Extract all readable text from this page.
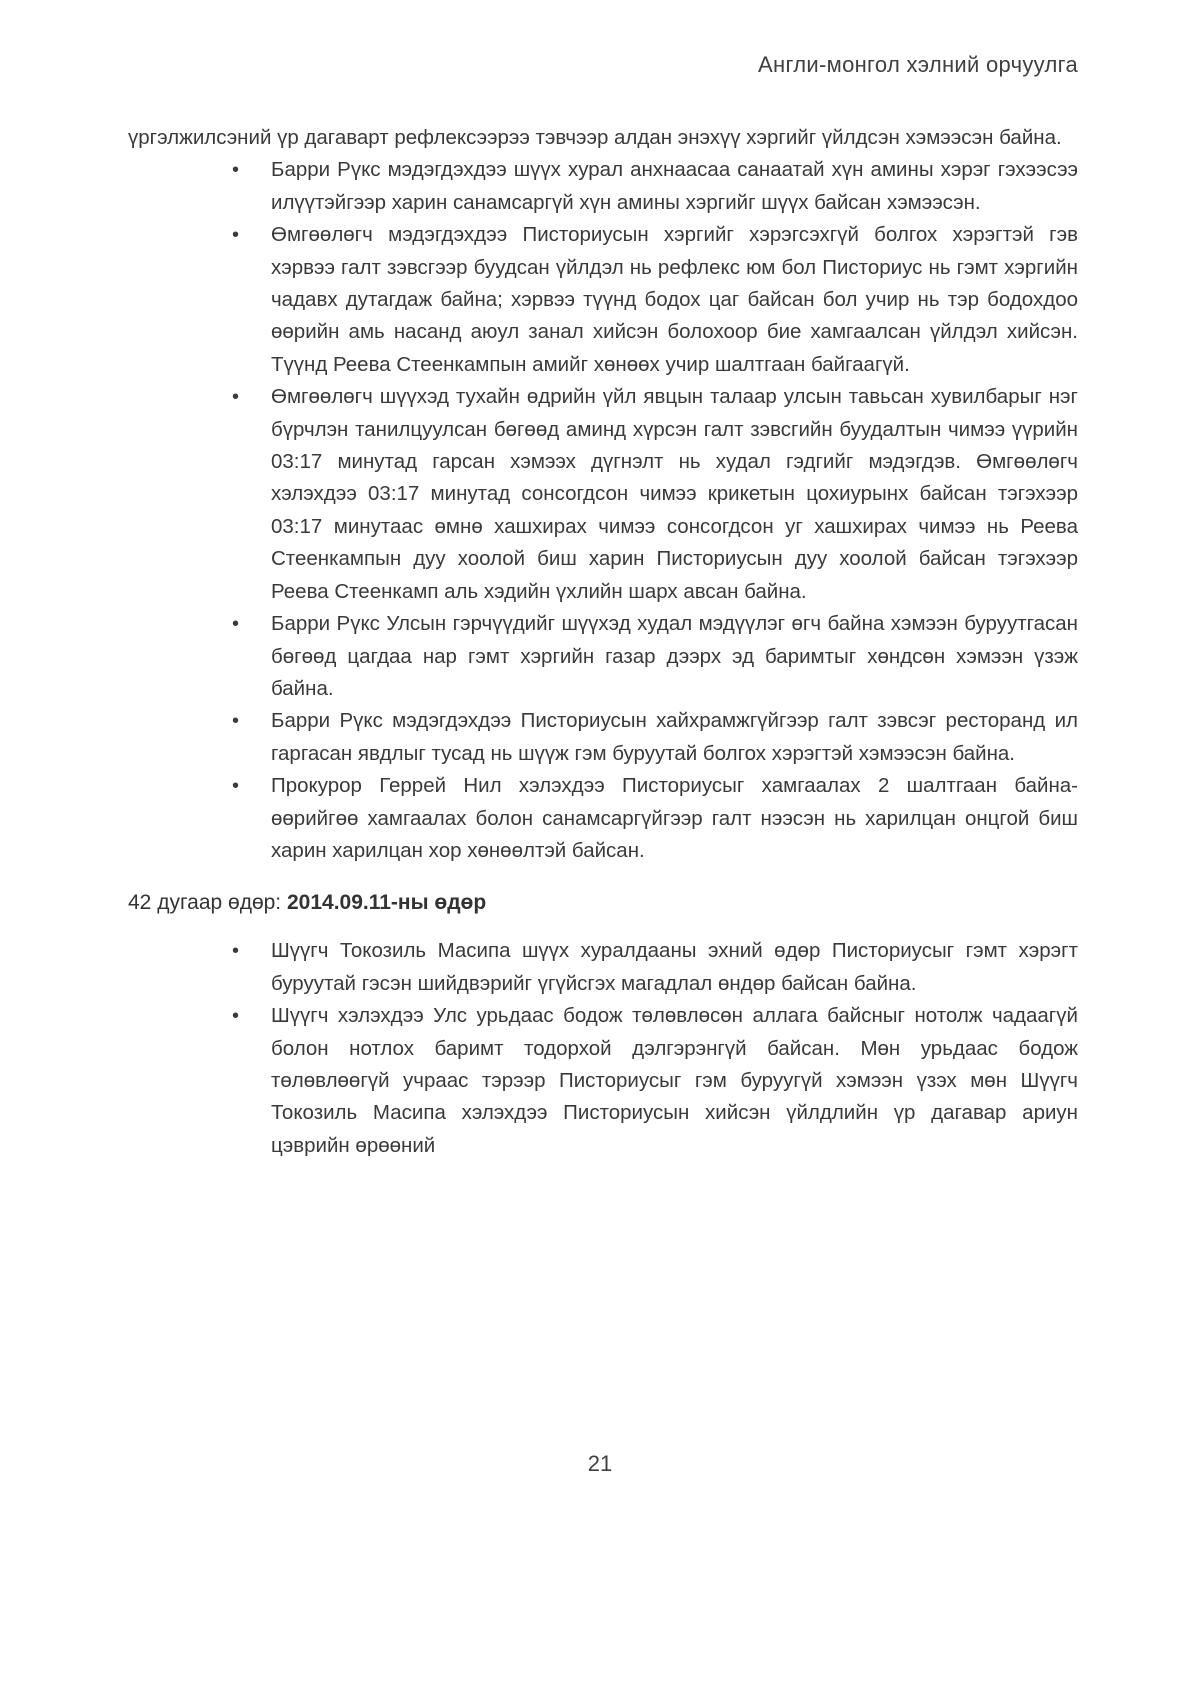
Англи-монгол хэлний орчуулга

үргэлжилсэний үр дагаварт рефлексээрээ тэвчээр алдан энэхүү хэргийг үйлдсэн хэмээсэн байна.

• Барри Рүкс мэдэгдэхдээ шүүх хурал анхнаасаа санаатай хүн амины хэрэг гэхээсээ илүүтэйгээр харин санамсаргүй хүн амины хэргийг шүүх байсан хэмээсэн.
• Өмгөөлөгч мэдэгдэхдээ Писториусын хэргийг хэрэгсэхгүй болгох хэрэгтэй гэв хэрвээ галт зэвсгээр буудсан үйлдэл нь рефлекс юм бол Писториус нь гэмт хэргийн чадавх дутагдаж байна; хэрвээ түүнд бодох цаг байсан бол учир нь тэр бодохдоо өөрийн амь насанд аюул занал хийсэн болохоор бие хамгаалсан үйлдэл хийсэн. Түүнд Реева Стеенкампын амийг хөнөөх учир шалтгаан байгаагүй.
• Өмгөөлөгч шүүхэд тухайн өдрийн үйл явцын талаар улсын тавьсан хувилбарыг нэг бүрчлэн танилцуулсан бөгөөд аминд хүрсэн галт зэвсгийн буудалтын чимээ үүрийн 03:17 минутад гарсан хэмээх дүгнэлт нь худал гэдгийг мэдэгдэв. Өмгөөлөгч хэлэхдээ 03:17 минутад сонсогдсон чимээ крикетын цохиурынх байсан тэгэхээр 03:17 минутаас өмнө хашхирах чимээ сонсогдсон уг хашхирах чимээ нь Реева Стеенкампын дуу хоолой биш харин Писториусын дуу хоолой байсан тэгэхээр Реева Стеенкамп аль хэдийн үхлийн шарх авсан байна.
• Барри Рүкс Улсын гэрчүүдийг шүүхэд худал мэдүүлэг өгч байна хэмээн буруутгасан бөгөөд цагдаа нар гэмт хэргийн газар дээрх эд баримтыг хөндсөн хэмээн үзэж байна.
• Барри Рүкс мэдэгдэхдээ Писториусын хайхрамжгүйгээр галт зэвсэг ресторанд ил гаргасан явдлыг тусад нь шүүж гэм буруутай болгох хэрэгтэй хэмээсэн байна.
• Прокурор Геррей Нил хэлэхдээ Писториусыг хамгаалах 2 шалтгаан байна- өөрийгөө хамгаалах болон санамсаргүйгээр галт нээсэн нь харилцан онцгой биш харин харилцан хор хөнөөлтэй байсан.
42 дугаар өдөр: 2014.09.11-ны өдөр
• Шүүгч Токозиль Масипа шүүх хуралдааны эхний өдөр Писториусыг гэмт хэрэгт буруутай гэсэн шийдвэрийг үгүйсгэх магадлал өндөр байсан байна.
• Шүүгч хэлэхдээ Улс урьдаас бодож төлөвлөсөн аллага байсныг нотолж чадаагүй болон нотлох баримт тодорхой дэлгэрэнгүй байсан. Мөн урьдаас бодож төлөвлөөгүй учраас тэрээр Писториусыг гэм буруугүй хэмээн үзэх мөн Шүүгч Токозиль Масипа хэлэхдээ Писториусын хийсэн үйлдлийн үр дагавар ариун цэврийн өрөөний
21
